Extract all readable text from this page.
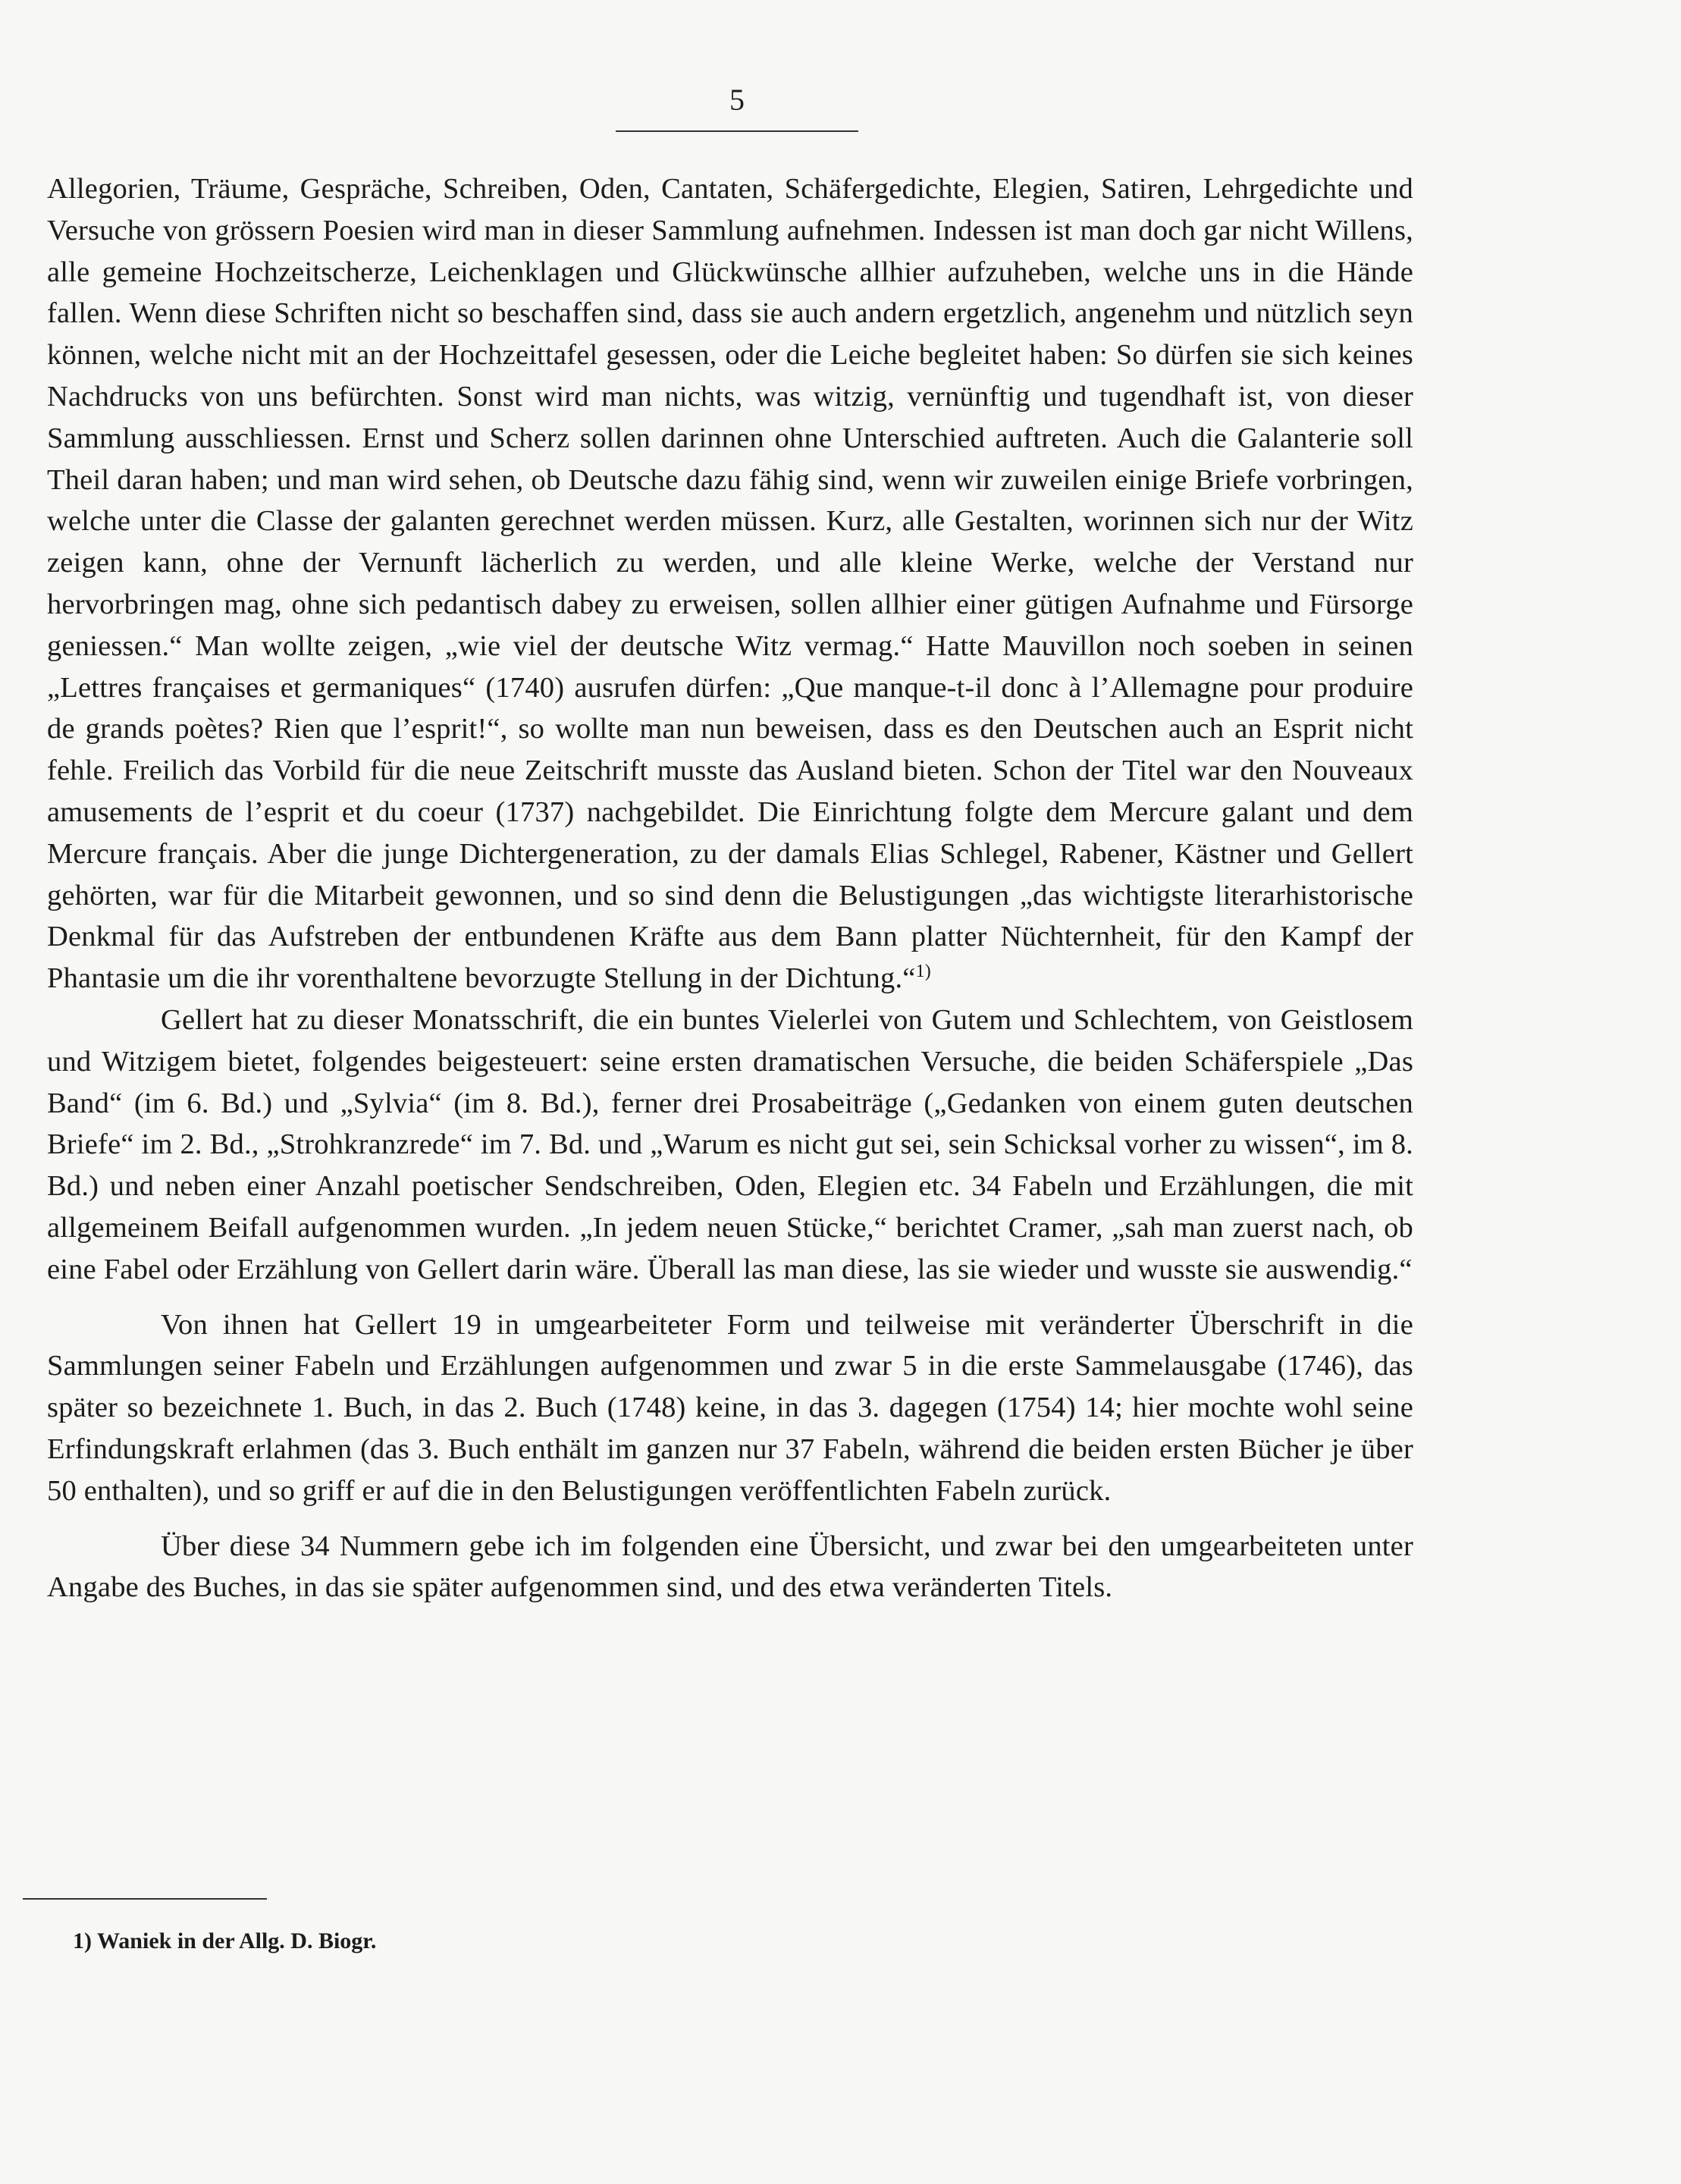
5

Allegorien, Träume, Gespräche, Schreiben, Oden, Cantaten, Schäfergedichte, Elegien, Satiren, Lehrgedichte und Versuche von grössern Poesien wird man in dieser Sammlung aufnehmen. Indessen ist man doch gar nicht Willens, alle gemeine Hochzeitscherze, Leichenklagen und Glückwünsche allhier aufzuheben, welche uns in die Hände fallen. Wenn diese Schriften nicht so beschaffen sind, dass sie auch andern ergetzlich, angenehm und nützlich seyn können, welche nicht mit an der Hochzeittafel gesessen, oder die Leiche begleitet haben: So dürfen sie sich keines Nachdrucks von uns befürchten. Sonst wird man nichts, was witzig, vernünftig und tugendhaft ist, von dieser Sammlung ausschliessen. Ernst und Scherz sollen darinnen ohne Unterschied auftreten. Auch die Galanterie soll Theil daran haben; und man wird sehen, ob Deutsche dazu fähig sind, wenn wir zuweilen einige Briefe vorbringen, welche unter die Classe der galanten gerechnet werden müssen. Kurz, alle Gestalten, worinnen sich nur der Witz zeigen kann, ohne der Vernunft lächerlich zu werden, und alle kleine Werke, welche der Verstand nur hervorbringen mag, ohne sich pedantisch dabey zu erweisen, sollen allhier einer gütigen Aufnahme und Fürsorge geniessen.“ Man wollte zeigen, „wie viel der deutsche Witz vermag.“ Hatte Mauvillon noch soeben in seinen „Lettres françaises et germaniques“ (1740) ausrufen dürfen: „Que manque-t-il donc à l’Allemagne pour produire de grands poètes? Rien que l’esprit!“, so wollte man nun beweisen, dass es den Deutschen auch an Esprit nicht fehle. Freilich das Vorbild für die neue Zeitschrift musste das Ausland bieten. Schon der Titel war den Nouveaux amusements de l’esprit et du coeur (1737) nachgebildet. Die Einrichtung folgte dem Mercure galant und dem Mercure français. Aber die junge Dichtergeneration, zu der damals Elias Schlegel, Rabener, Kästner und Gellert gehörten, war für die Mitarbeit gewonnen, und so sind denn die Belustigungen „das wichtigste literarhistorische Denkmal für das Aufstreben der entbundenen Kräfte aus dem Bann platter Nüchternheit, für den Kampf der Phantasie um die ihr vorenthaltene bevorzugte Stellung in der Dichtung.“$^{1)}$

Gellert hat zu dieser Monatsschrift, die ein buntes Vielerlei von Gutem und Schlechtem, von Geistlosem und Witzigem bietet, folgendes beigesteuert: seine ersten dramatischen Versuche, die beiden Schäferspiele „Das Band“ (im 6. Bd.) und „Sylvia“ (im 8. Bd.), ferner drei Prosabeiträge („Gedanken von einem guten deutschen Briefe“ im 2. Bd., „Strohkranzrede“ im 7. Bd. und „Warum es nicht gut sei, sein Schicksal vorher zu wissen“, im 8. Bd.) und neben einer Anzahl poetischer Sendschreiben, Oden, Elegien etc. 34 Fabeln und Erzählungen, die mit allgemeinem Beifall aufgenommen wurden. „In jedem neuen Stücke,“ berichtet Cramer, „sah man zuerst nach, ob eine Fabel oder Erzählung von Gellert darin wäre. Überall las man diese, las sie wieder und wusste sie auswendig.“

Von ihnen hat Gellert 19 in umgearbeiteter Form und teilweise mit veränderter Überschrift in die Sammlungen seiner Fabeln und Erzählungen aufgenommen und zwar 5 in die erste Sammelausgabe (1746), das später so bezeichnete 1. Buch, in das 2. Buch (1748) keine, in das 3. dagegen (1754) 14; hier mochte wohl seine Erfindungskraft erlahmen (das 3. Buch enthält im ganzen nur 37 Fabeln, während die beiden ersten Bücher je über 50 enthalten), und so griff er auf die in den Belustigungen veröffentlichten Fabeln zurück.

Über diese 34 Nummern gebe ich im folgenden eine Übersicht, und zwar bei den umgearbeiteten unter Angabe des Buches, in das sie später aufgenommen sind, und des etwa veränderten Titels.

1) Waniek in der Allg. D. Biogr.
